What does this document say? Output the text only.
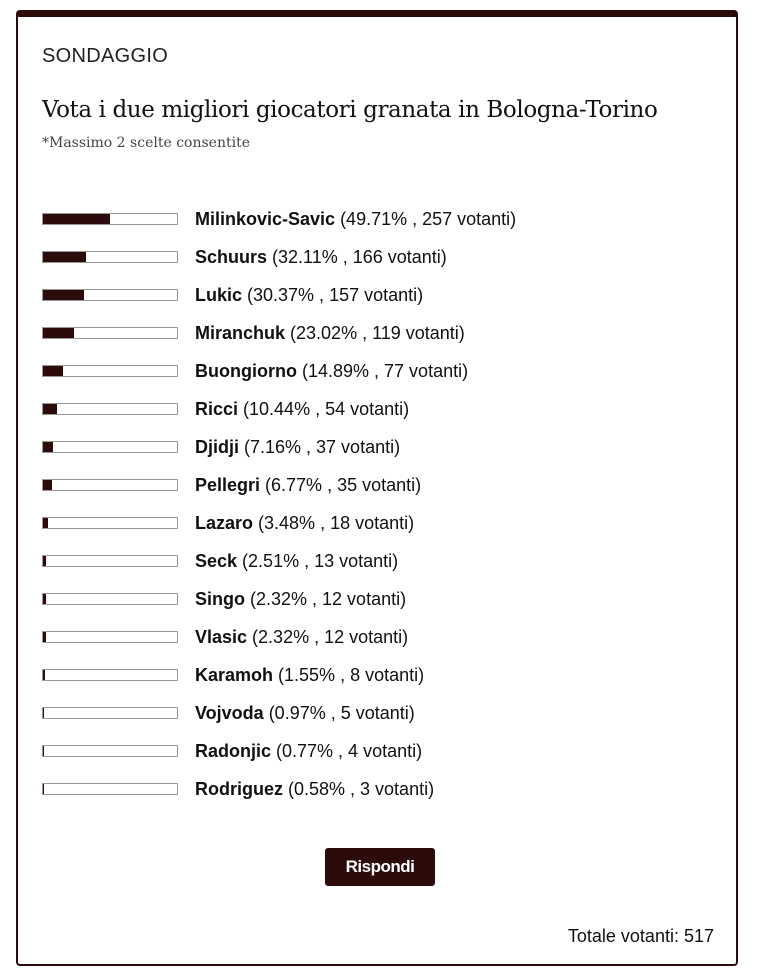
SONDAGGIO
Vota i due migliori giocatori granata in Bologna-Torino
*Massimo 2 scelte consentite
Milinkovic-Savic (49.71% , 257 votanti)
Schuurs (32.11% , 166 votanti)
Lukic (30.37% , 157 votanti)
Miranchuk (23.02% , 119 votanti)
Buongiorno (14.89% , 77 votanti)
Ricci (10.44% , 54 votanti)
Djidji (7.16% , 37 votanti)
Pellegri (6.77% , 35 votanti)
Lazaro (3.48% , 18 votanti)
Seck (2.51% , 13 votanti)
Singo (2.32% , 12 votanti)
Vlasic (2.32% , 12 votanti)
Karamoh (1.55% , 8 votanti)
Vojvoda (0.97% , 5 votanti)
Radonjic (0.77% , 4 votanti)
Rodriguez (0.58% , 3 votanti)
Rispondi
Totale votanti: 517
